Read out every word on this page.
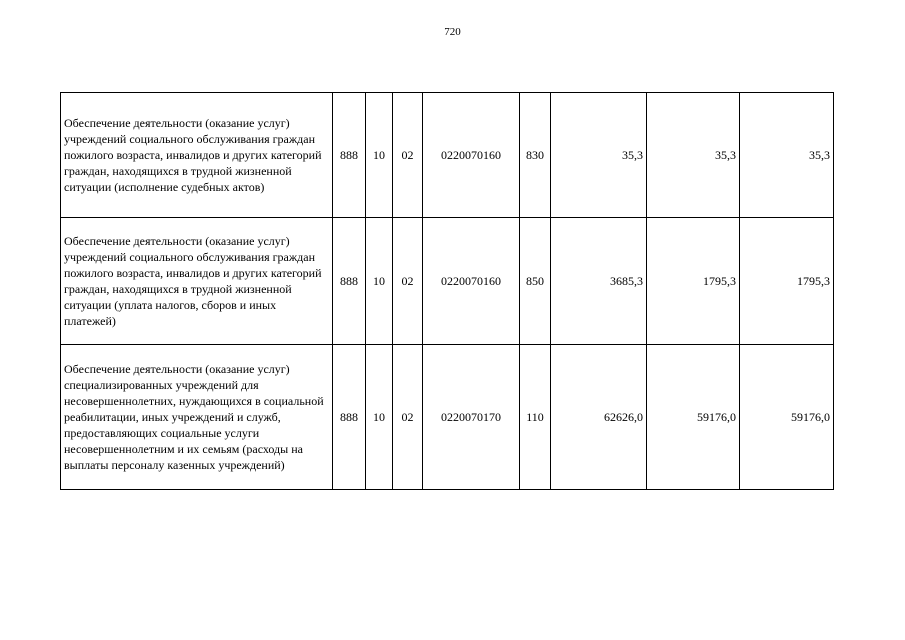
720
Обеспечение деятельности (оказание услуг) учреждений социального обслуживания граждан пожилого возраста, инвалидов и других категорий граждан, находящихся в трудной жизненной ситуации (исполнение судебных актов)	888	10	02	0220070160	830	35,3	35,3	35,3
Обеспечение деятельности (оказание услуг) учреждений социального обслуживания граждан пожилого возраста, инвалидов и других категорий граждан, находящихся в трудной жизненной ситуации (уплата налогов, сборов и иных платежей)	888	10	02	0220070160	850	3685,3	1795,3	1795,3
Обеспечение деятельности (оказание услуг) специализированных учреждений для несовершеннолетних, нуждающихся в социальной реабилитации, иных учреждений и служб, предоставляющих социальные услуги несовершеннолетним и их семьям (расходы на выплаты персоналу казенных учреждений)	888	10	02	0220070170	110	62626,0	59176,0	59176,0
